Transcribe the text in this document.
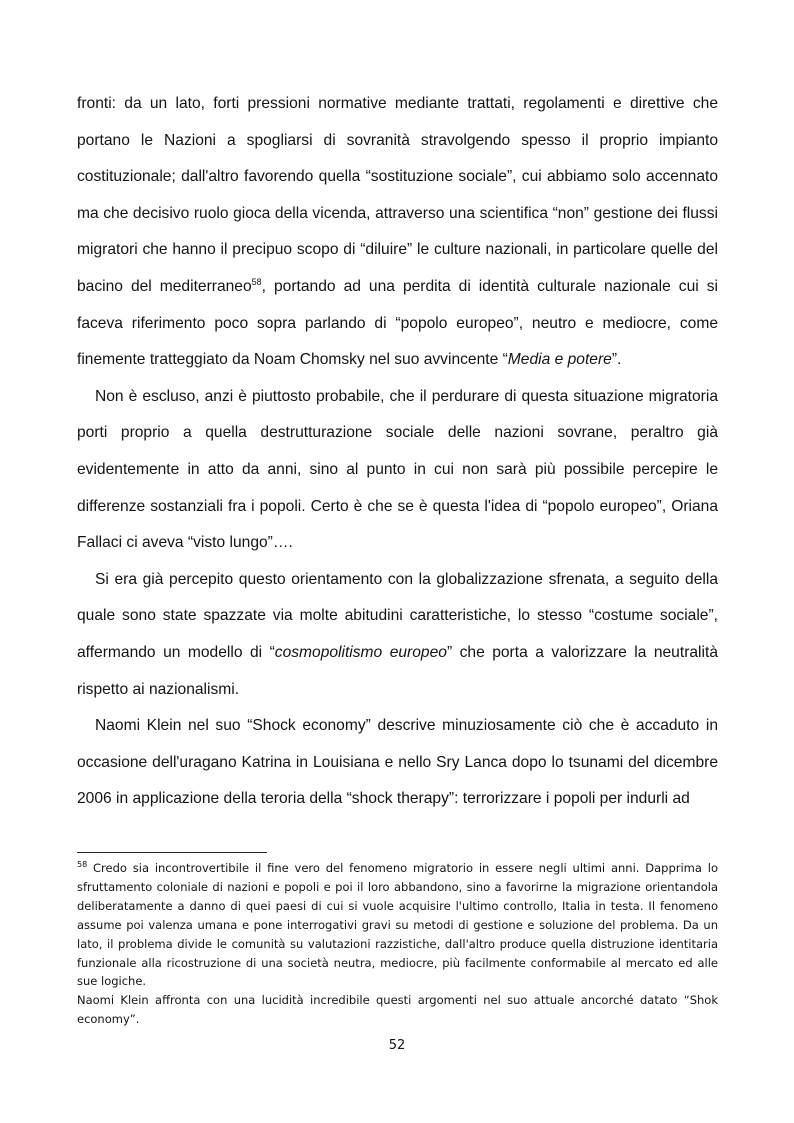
fronti: da un lato, forti pressioni normative mediante trattati, regolamenti e direttive che portano le Nazioni a spogliarsi di sovranità stravolgendo spesso il proprio impianto costituzionale; dall'altro favorendo quella “sostituzione sociale”, cui abbiamo solo accennato ma che decisivo ruolo gioca della vicenda, attraverso una scientifica “non” gestione dei flussi migratori che hanno il precipuo scopo di “diluire” le culture nazionali, in particolare quelle del bacino del mediterraneo$^{58}$, portando ad una perdita di identità culturale nazionale cui si faceva riferimento poco sopra parlando di “popolo europeo”, neutro e mediocre, come finemente tratteggiato da Noam Chomsky nel suo avvincente “Media e potere”.

Non è escluso, anzi è piuttosto probabile, che il perdurare di questa situazione migratoria porti proprio a quella destrutturazione sociale delle nazioni sovrane, peraltro già evidentemente in atto da anni, sino al punto in cui non sarà più possibile percepire le differenze sostanziali fra i popoli. Certo è che se è questa l'idea di “popolo europeo”, Oriana Fallaci ci aveva “visto lungo”….

Si era già percepito questo orientamento con la globalizzazione sfrenata, a seguito della quale sono state spazzate via molte abitudini caratteristiche, lo stesso “costume sociale”, affermando un modello di “cosmopolitismo europeo” che porta a valorizzare la neutralità rispetto ai nazionalismi.

Naomi Klein nel suo “Shock economy” descrive minuziosamente ciò che è accaduto in occasione dell'uragano Katrina in Louisiana e nello Sry Lanca dopo lo tsunami del dicembre 2006 in applicazione della teroria della “shock therapy”: terrorizzare i popoli per indurli ad

$^{58}$ Credo sia incontrovertibile il fine vero del fenomeno migratorio in essere negli ultimi anni. Dapprima lo sfruttamento coloniale di nazioni e popoli e poi il loro abbandono, sino a favorirne la migrazione orientandola deliberatamente a danno di quei paesi di cui si vuole acquisire l'ultimo controllo, Italia in testa. Il fenomeno assume poi valenza umana e pone interrogativi gravi su metodi di gestione e soluzione del problema. Da un lato, il problema divide le comunità su valutazioni razzistiche, dall'altro produce quella distruzione identitaria funzionale alla ricostruzione di una società neutra, mediocre, più facilmente conformabile al mercato ed alle sue logiche.

Naomi Klein affronta con una lucidità incredibile questi argomenti nel suo attuale ancorché datato “Shok economy”.

52
